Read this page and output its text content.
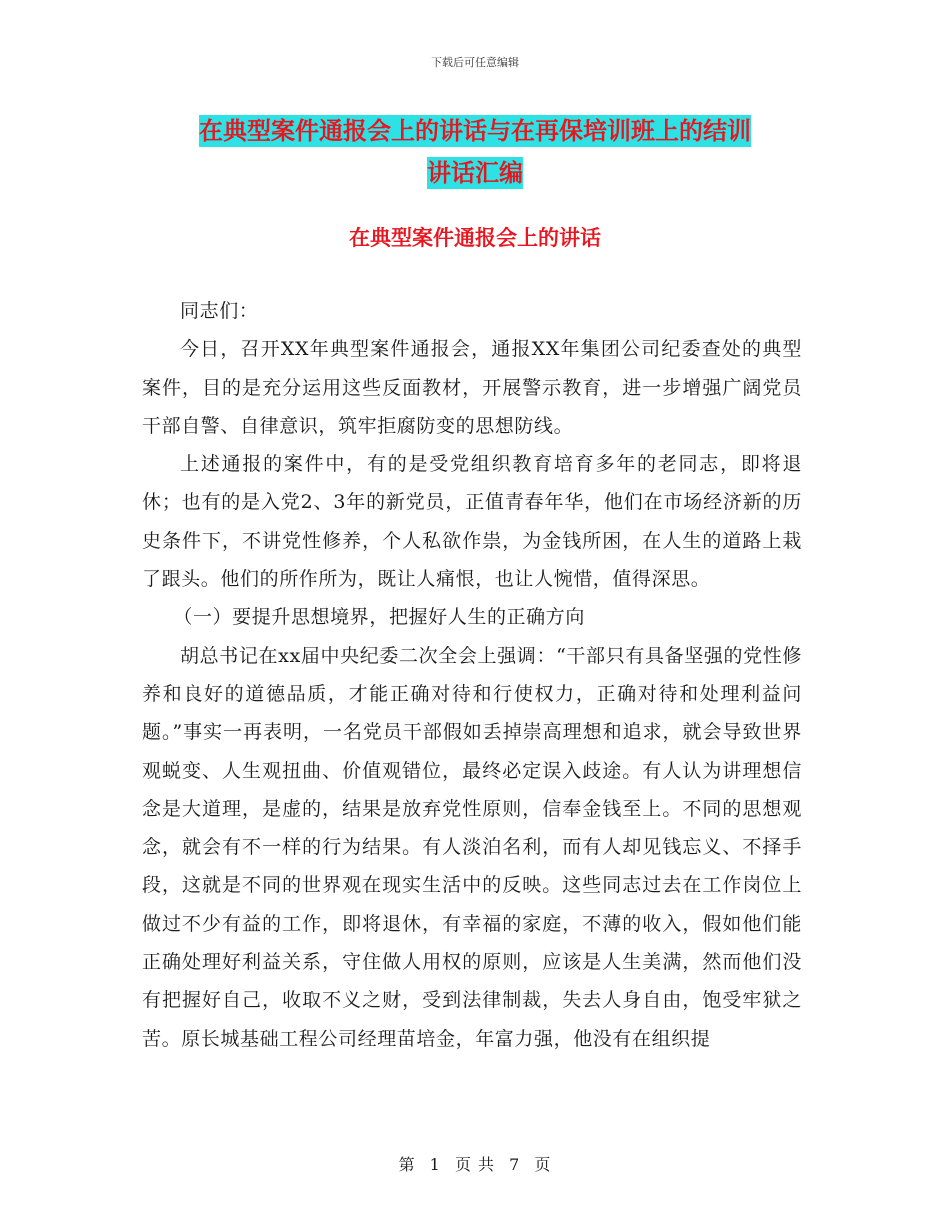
下载后可任意编辑
在典型案件通报会上的讲话与在再保培训班上的结训
讲话汇编
在典型案件通报会上的讲话

同志们：

今日，召开XX年典型案件通报会，通报XX年集团公司纪委查处的典型案件，目的是充分运用这些反面教材，开展警示教育，进一步增强广阔党员干部自警、自律意识，筑牢拒腐防变的思想防线。

上述通报的案件中，有的是受党组织教育培育多年的老同志，即将退休；也有的是入党2、3年的新党员，正值青春年华，他们在市场经济新的历史条件下，不讲党性修养，个人私欲作祟，为金钱所困，在人生的道路上栽了跟头。他们的所作所为，既让人痛恨，也让人惋惜，值得深思。

（一）要提升思想境界，把握好人生的正确方向

胡总书记在xx届中央纪委二次全会上强调：“干部只有具备坚强的党性修养和良好的道德品质，才能正确对待和行使权力，正确对待和处理利益问题。”事实一再表明，一名党员干部假如丢掉崇高理想和追求，就会导致世界观蜕变、人生观扭曲、价值观错位，最终必定误入歧途。有人认为讲理想信念是大道理，是虚的，结果是放弃党性原则，信奉金钱至上。不同的思想观念，就会有不一样的行为结果。有人淡泊名利，而有人却见钱忘义、不择手段，这就是不同的世界观在现实生活中的反映。这些同志过去在工作岗位上做过不少有益的工作，即将退休，有幸福的家庭，不薄的收入，假如他们能正确处理好利益关系，守住做人用权的原则，应该是人生美满，然而他们没有把握好自己，收取不义之财，受到法律制裁，失去人身自由，饱受牢狱之苦。原长城基础工程公司经理苗培金，年富力强，他没有在组织提

第 1 页 共 7 页
